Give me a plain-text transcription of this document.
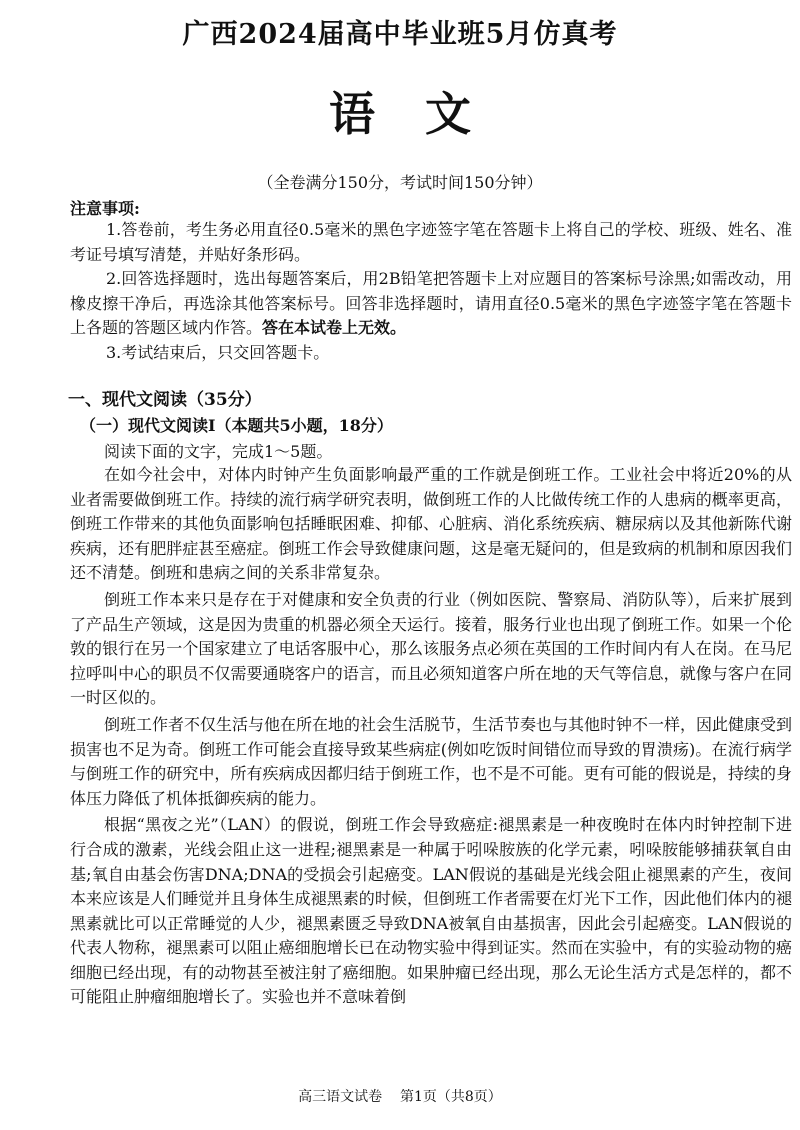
广西2024届高中毕业班5月仿真考
语文
（全卷满分150分，考试时间150分钟）
注意事项:

1.答卷前，考生务必用直径0.5毫米的黑色字迹签字笔在答题卡上将自己的学校、班级、姓名、准考证号填写清楚，并贴好条形码。

2.回答选择题时，选出每题答案后，用2B铅笔把答题卡上对应题目的答案标号涂黑;如需改动，用橡皮擦干净后，再选涂其他答案标号。回答非选择题时，请用直径0.5毫米的黑色字迹签字笔在答题卡上各题的答题区域内作答。答在本试卷上无效。

3.考试结束后，只交回答题卡。

一、现代文阅读（35分）
（一）现代文阅读Ⅰ（本题共5小题，18分）
阅读下面的文字，完成1～5题。

在如今社会中，对体内时钟产生负面影响最严重的工作就是倒班工作。工业社会中将近20%的从业者需要做倒班工作。持续的流行病学研究表明，做倒班工作的人比做传统工作的人患病的概率更高，倒班工作带来的其他负面影响包括睡眠困难、抑郁、心脏病、消化系统疾病、糖尿病以及其他新陈代谢疾病，还有肥胖症甚至癌症。倒班工作会导致健康问题，这是毫无疑问的，但是致病的机制和原因我们还不清楚。倒班和患病之间的关系非常复杂。

倒班工作本来只是存在于对健康和安全负责的行业（例如医院、警察局、消防队等），后来扩展到了产品生产领域，这是因为贵重的机器必须全天运行。接着，服务行业也出现了倒班工作。如果一个伦敦的银行在另一个国家建立了电话客服中心，那么该服务点必须在英国的工作时间内有人在岗。在马尼拉呼叫中心的职员不仅需要通晓客户的语言，而且必须知道客户所在地的天气等信息，就像与客户在同一时区似的。

倒班工作者不仅生活与他在所在地的社会生活脱节，生活节奏也与其他时钟不一样，因此健康受到损害也不足为奇。倒班工作可能会直接导致某些病症(例如吃饭时间错位而导致的胃溃疡)。在流行病学与倒班工作的研究中，所有疾病成因都归结于倒班工作，也不是不可能。更有可能的假说是，持续的身体压力降低了机体抵御疾病的能力。

根据“黑夜之光”（LAN）的假说，倒班工作会导致癌症:褪黑素是一种夜晚时在体内时钟控制下进行合成的激素，光线会阻止这一进程;褪黑素是一种属于吲哚胺族的化学元素，吲哚胺能够捕获氧自由基;氧自由基会伤害DNA;DNA的受损会引起癌变。LAN假说的基础是光线会阻止褪黑素的产生，夜间本来应该是人们睡觉并且身体生成褪黑素的时候，但倒班工作者需要在灯光下工作，因此他们体内的褪黑素就比可以正常睡觉的人少，褪黑素匮乏导致DNA被氧自由基损害，因此会引起癌变。LAN假说的代表人物称，褪黑素可以阻止癌细胞增长已在动物实验中得到证实。然而在实验中，有的实验动物的癌细胞已经出现，有的动物甚至被注射了癌细胞。如果肿瘤已经出现，那么无论生活方式是怎样的，都不可能阻止肿瘤细胞增长了。实验也并不意味着倒

高三语文试卷 第1页（共8页）
